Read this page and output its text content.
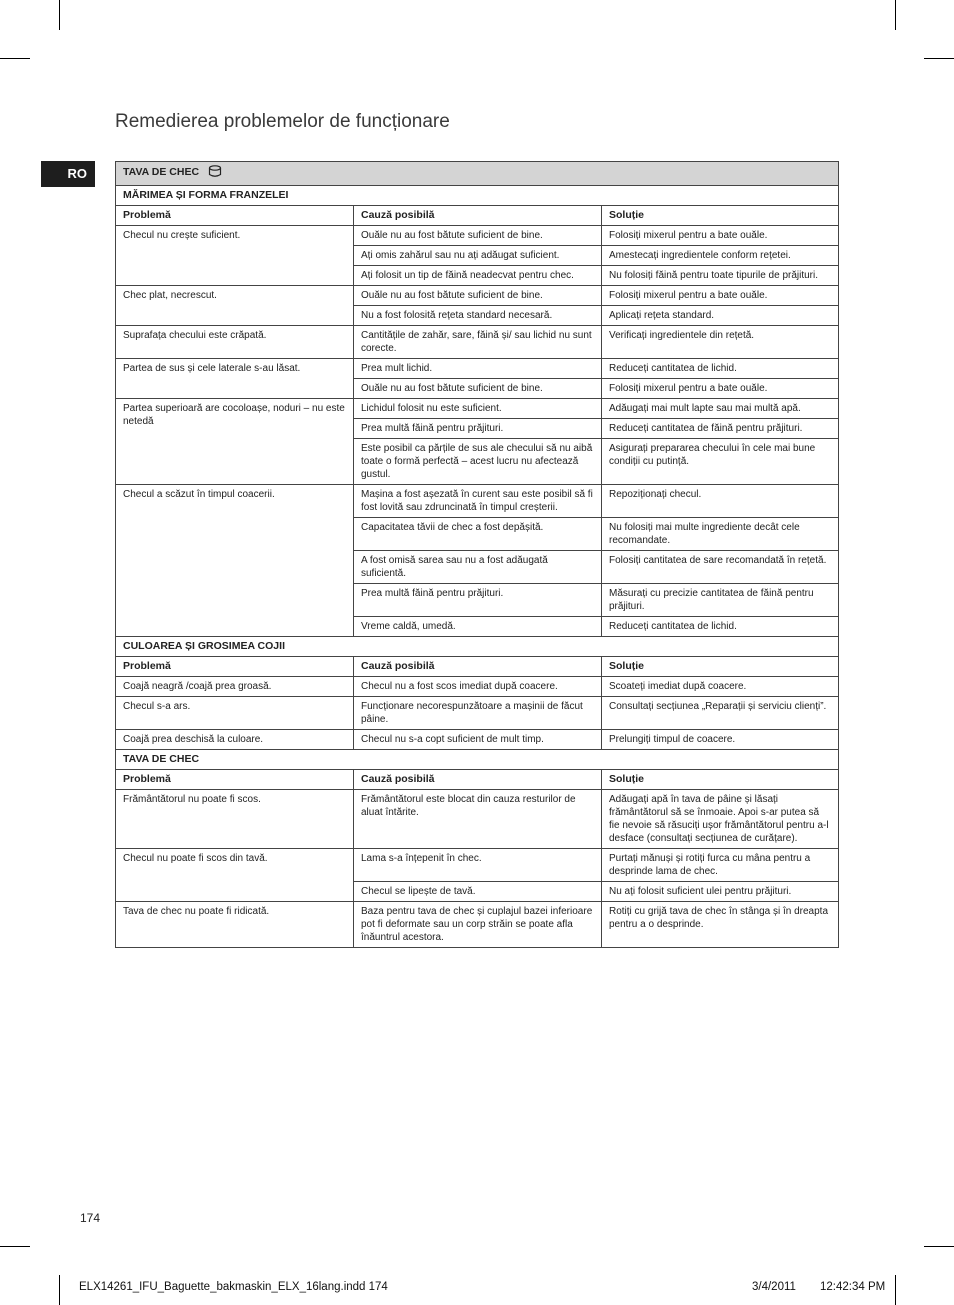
Remedierea problemelor de funcționare
RO	TAVA DE CHEC		
MĂRIMEA ȘI FORMA FRANZELEI		
Problemă	Cauză posibilă	Soluție
Checul nu crește suficient.	Ouăle nu au fost bătute suficient de bine.	Folosiți mixerul pentru a bate ouăle.
	Ați omis zahărul sau nu ați adăugat suficient.	Amestecați ingredientele conform rețetei.
	Ați folosit un tip de făină neadecvat pentru chec.	Nu folosiți făină pentru toate tipurile de prăjituri.
Chec plat, necrescut.	Ouăle nu au fost bătute suficient de bine.	Folosiți mixerul pentru a bate ouăle.
	Nu a fost folosită rețeta standard necesară.	Aplicați rețeta standard.
Suprafața checului este crăpată.	Cantitățile de zahăr, sare, făină și/ sau lichid nu sunt corecte.	Verificați ingredientele din rețetă.
Partea de sus și cele laterale s-au lăsat.	Prea mult lichid.	Reduceți cantitatea de lichid.
	Ouăle nu au fost bătute suficient de bine.	Folosiți mixerul pentru a bate ouăle.
Partea superioară are cocoloașe, noduri – nu este netedă	Lichidul folosit nu este suficient.	Adăugați mai mult lapte sau mai multă apă.
	Prea multă făină pentru prăjituri.	Reduceți cantitatea de făină pentru prăjituri.
	Este posibil ca părțile de sus ale checului să nu aibă toate o formă perfectă – acest lucru nu afectează gustul.	Asigurați prepararea checului în cele mai bune condiții cu putință.
Checul a scăzut în timpul coacerii.	Mașina a fost așezată în curent sau este posibil să fi fost lovită sau zdruncinată în timpul creșterii.	Repoziționați checul.
	Capacitatea tăvii de chec a fost depășită.	Nu folosiți mai multe ingrediente decât cele recomandate.
	A fost omisă sarea sau nu a fost adăugată suficientă.	Folosiți cantitatea de sare recomandată în rețetă.
	Prea multă făină pentru prăjituri.	Măsurați cu precizie cantitatea de făină pentru prăjituri.
	Vreme caldă, umedă.	Reduceți cantitatea de lichid.
CULOAREA ȘI GROSIMEA COJII		
Problemă	Cauză posibilă	Soluție
Coajă neagră /coajă prea groasă.	Checul nu a fost scos imediat după coacere.	Scoateți imediat după coacere.
Checul s-a ars.	Funcționare necorespunzătoare a mașinii de făcut pâine.	Consultați secțiunea „Reparații și serviciu clienți”.
Coajă prea deschisă la culoare.	Checul nu s-a copt suficient de mult timp.	Prelungiți timpul de coacere.
TAVA DE CHEC		
Problemă	Cauză posibilă	Soluție
Frământătorul nu poate fi scos.	Frământătorul este blocat din cauza resturilor de aluat întărite.	Adăugați apă în tava de pâine și lăsați frământătorul să se înmoaie. Apoi s-ar putea să fie nevoie să răsuciți ușor frământătorul pentru a-l desface (consultați secțiunea de curățare).
Checul nu poate fi scos din tavă.	Lama s-a înțepenit în chec.	Purtați mănuși și rotiți furca cu mâna pentru a desprinde lama de chec.
	Checul se lipește de tavă.	Nu ați folosit suficient ulei pentru prăjituri.
Tava de chec nu poate fi ridicată.	Baza pentru tava de chec și cuplajul bazei inferioare pot fi deformate sau un corp străin se poate afla înăuntrul acestora.	Rotiți cu grijă tava de chec în stânga și în dreapta pentru a o desprinde.
174
ELX14261_IFU_Baguette_bakmaskin_ELX_16lang.indd 174	3/4/2011 12:42:34 PM
